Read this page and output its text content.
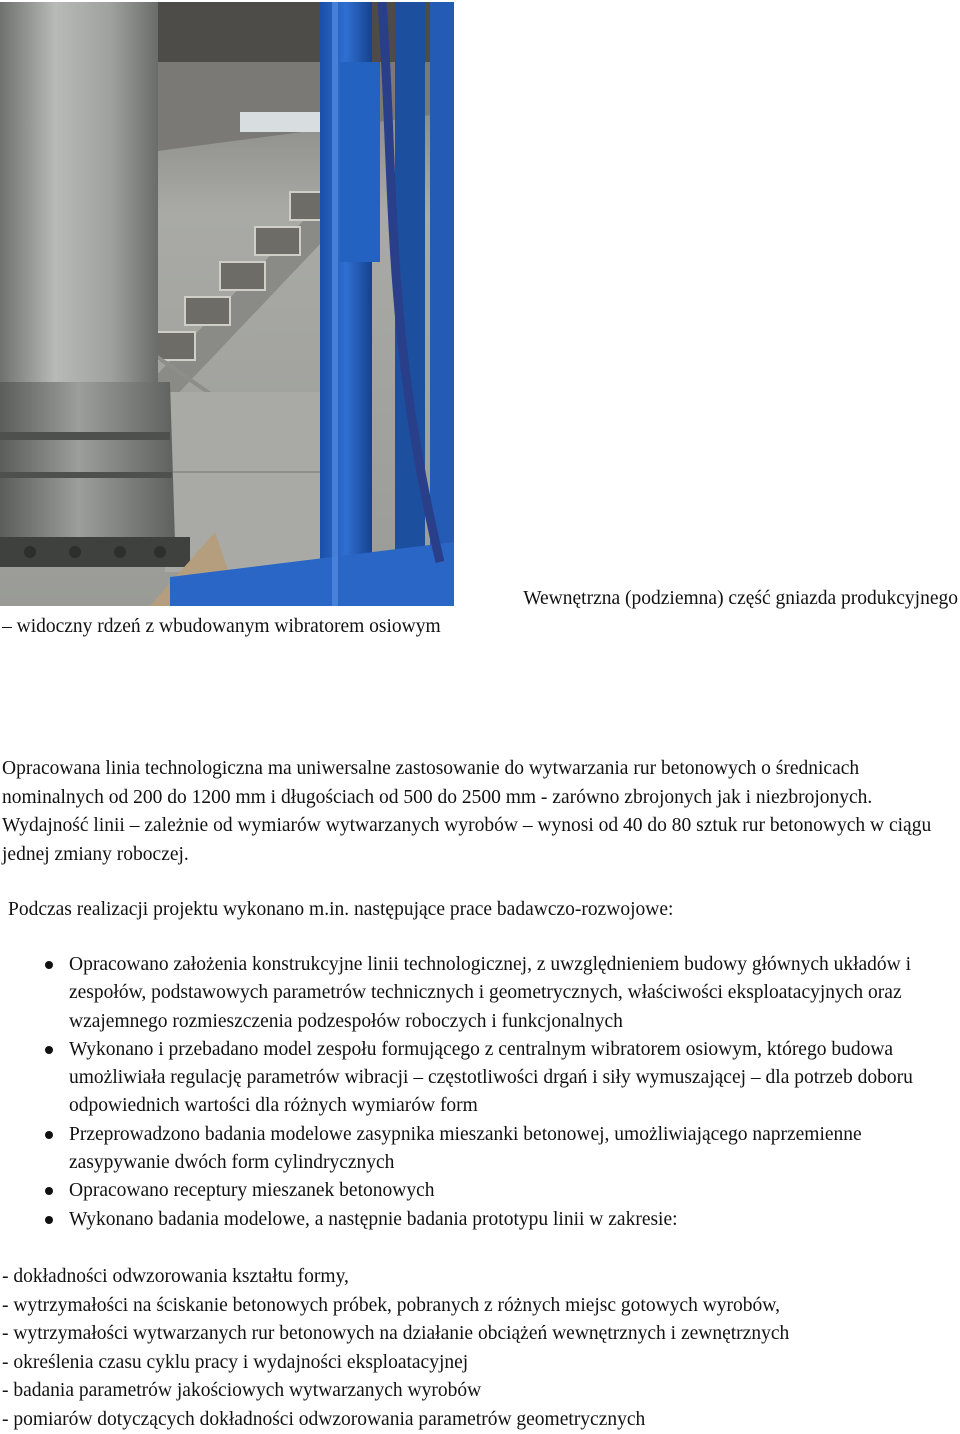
Wewnętrzna (podziemna) część gniazda produkcyjnego
– widoczny rdzeń z wbudowanym wibratorem osiowym

Opracowana linia technologiczna ma uniwersalne zastosowanie do wytwarzania rur betonowych o średnicach nominalnych od 200 do 1200 mm i długościach od 500 do 2500 mm - zarówno zbrojonych jak i niezbrojonych. Wydajność linii – zależnie od wymiarów wytwarzanych wyrobów – wynosi od 40 do 80 sztuk rur betonowych w ciągu jednej zmiany roboczej.

Podczas realizacji projektu wykonano m.in. następujące prace badawczo-rozwojowe:

Opracowano założenia konstrukcyjne linii technologicznej, z uwzględnieniem budowy głównych układów i zespołów, podstawowych parametrów technicznych i geometrycznych, właściwości eksploatacyjnych oraz wzajemnego rozmieszczenia podzespołów roboczych i funkcjonalnych
Wykonano i przebadano model zespołu formującego z centralnym wibratorem osiowym, którego budowa umożliwiała regulację parametrów wibracji – częstotliwości drgań i siły wymuszającej – dla potrzeb doboru odpowiednich wartości dla różnych wymiarów form
Przeprowadzono badania modelowe zasypnika mieszanki betonowej, umożliwiającego naprzemienne zasypywanie dwóch form cylindrycznych
Opracowano receptury mieszanek betonowych
Wykonano badania modelowe, a następnie badania prototypu linii w zakresie:
- dokładności odwzorowania kształtu formy,
- wytrzymałości na ściskanie betonowych próbek, pobranych z różnych miejsc gotowych wyrobów,
- wytrzymałości wytwarzanych rur betonowych na działanie obciążeń wewnętrznych i zewnętrznych
- określenia czasu cyklu pracy i wydajności eksploatacyjnej
- badania parametrów jakościowych wytwarzanych wyrobów
- pomiarów dotyczących dokładności odwzorowania parametrów geometrycznych
